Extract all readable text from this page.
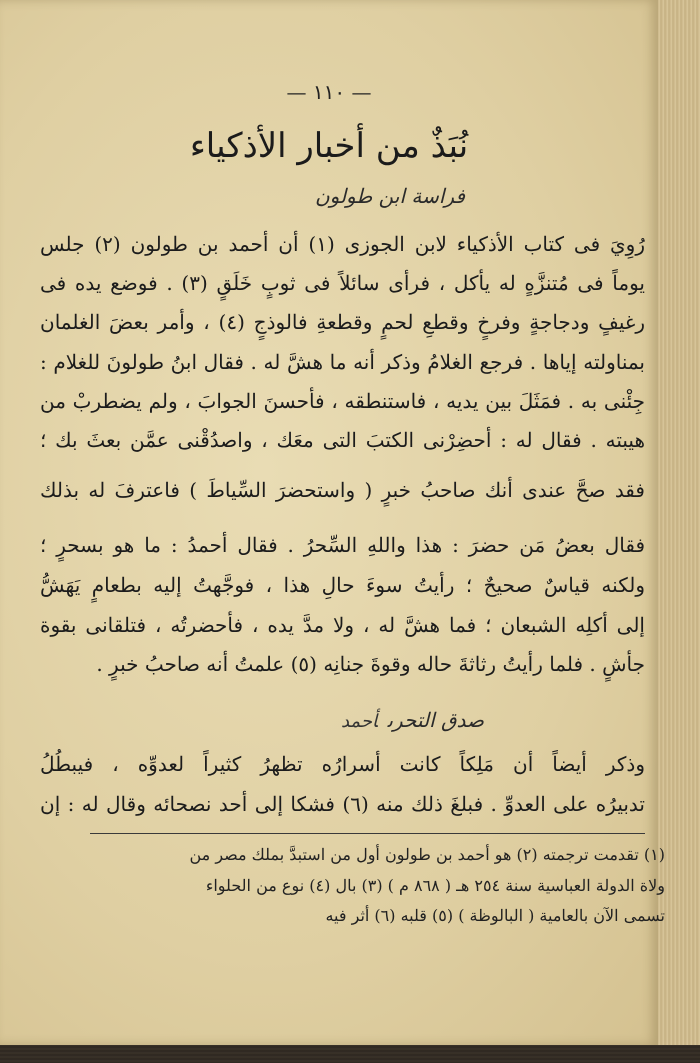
— ١١٠ —
نُبَذٌ من أخبار الأذكياء
فراسة ابن طولون
رُوِيَ فى كتاب الأذكياء لابن الجوزى (١) أن أحمد بن طولون (٢) جلس
يوماً فى مُتنزَّهٍ له يأكل ، فرأى سائلاً فى ثوبٍ خَلَقٍ (٣) . فوضع يده فى
رغيفٍ ودجاجةٍ وفرخٍ وقطعِ لحمٍ وقطعةِ فالوذجٍ (٤) ، وأمر بعضَ الغلمان
بمناولته إياها . فرجع الغلامُ وذكر أنه ما هشَّ له . فقال ابنُ طولونَ للغلام :
جِئْنى به . فمَثَلَ بين يديه ، فاستنطقه ، فأحسنَ الجوابَ ، ولم يضطربْ من
هيبته . فقال له : أحضِرْنى الكتبَ التى معَك ، واصدُقْنى عمَّن بعثَ بك ؛
فقد صحَّ عندى أنك صاحبُ خبرٍ ( واستحضرَ السِّياطَ ) فاعترفَ له بذلك
فقال بعضُ مَن حضرَ : هذا واللهِ السِّحرُ . فقال أحمدُ : ما هو بسحرٍ ؛
ولكنه قياسٌ صحيحٌ ؛ رأيتُ سوءَ حالِ هذا ، فوجَّهتُ إليه بطعامٍ يَهَشُّ
إلى أكلِه الشبعان ؛ فما هشَّ له ، ولا مدَّ يده ، فأحضرتُه ، فتلقانى بقوة
جأشٍ . فلما رأيتُ رثاثةَ حاله وقوةَ جنانِه (٥) علمتُ أنه صاحبُ خبرٍ .
صدق التحرىأحمد
وذكر أيضاً أن مَلِكاً كانت أسرارُه تظهرُ كثيراً لعدوِّه ، فيبطُلُ
تدبيرُه على العدوِّ . فبلغَ ذلك منه (٦) فشكا إلى أحد نصحائه وقال له : إن
(١) تقدمت ترجمته (٢) هو أحمد بن طولون أول من استبدَّ بملك مصر من
ولاة الدولة العباسية سنة ٢٥٤ هـ ( ٨٦٨ م ) (٣) بال (٤) نوع من الحلواء
تسمى الآن بالعامية ( البالوظة ) (٥) قلبه (٦) أثر فيه
